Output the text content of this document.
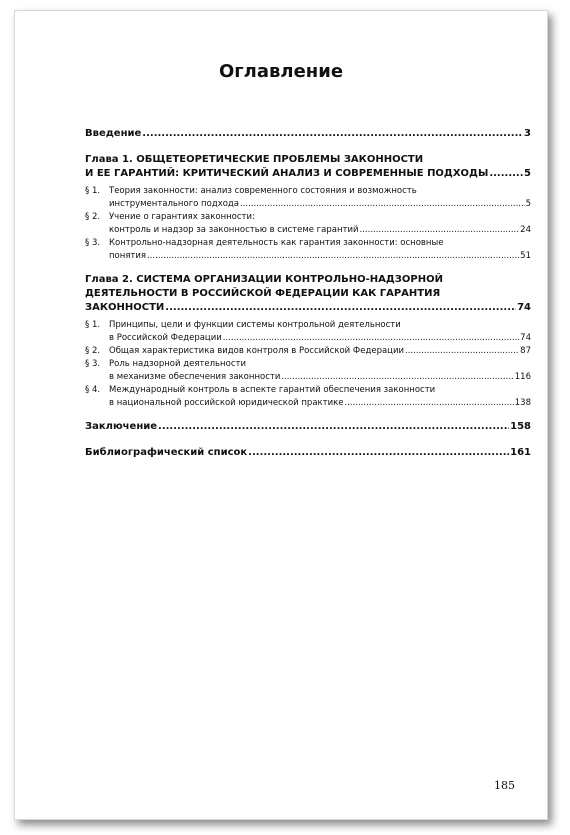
Оглавление
Введение .....	3
Глава 1. ОБЩЕТЕОРЕТИЧЕСКИЕ ПРОБЛЕМЫ ЗАКОННОСТИ
И ЕЕ ГАРАНТИЙ: КРИТИЧЕСКИЙ АНАЛИЗ И СОВРЕМЕННЫЕ ПОДХОДЫ .....	5
§ 1.	Теория законности: анализ современного состояния и возможность
инструментального подхода .....	5
§ 2.	Учение о гарантиях законности:
контроль и надзор за законностью в системе гарантий .....	24
§ 3.	Контрольно-надзорная деятельность как гарантия законности: основные
понятия .....	51
Глава 2. СИСТЕМА ОРГАНИЗАЦИИ КОНТРОЛЬНО-НАДЗОРНОЙ
ДЕЯТЕЛЬНОСТИ В РОССИЙСКОЙ ФЕДЕРАЦИИ КАК ГАРАНТИЯ
ЗАКОННОСТИ .....	74
§ 1.	Принципы, цели и функции системы контрольной деятельности
в Российской Федерации .....	74
§ 2.	Общая характеристика видов контроля в Российской Федерации .....	87
§ 3.	Роль надзорной деятельности
в механизме обеспечения законности .....	116
§ 4.	Международный контроль в аспекте гарантий обеспечения законности
в национальной российской юридической практике .....	138
Заключение .....	158
Библиографический список .....	161
185
